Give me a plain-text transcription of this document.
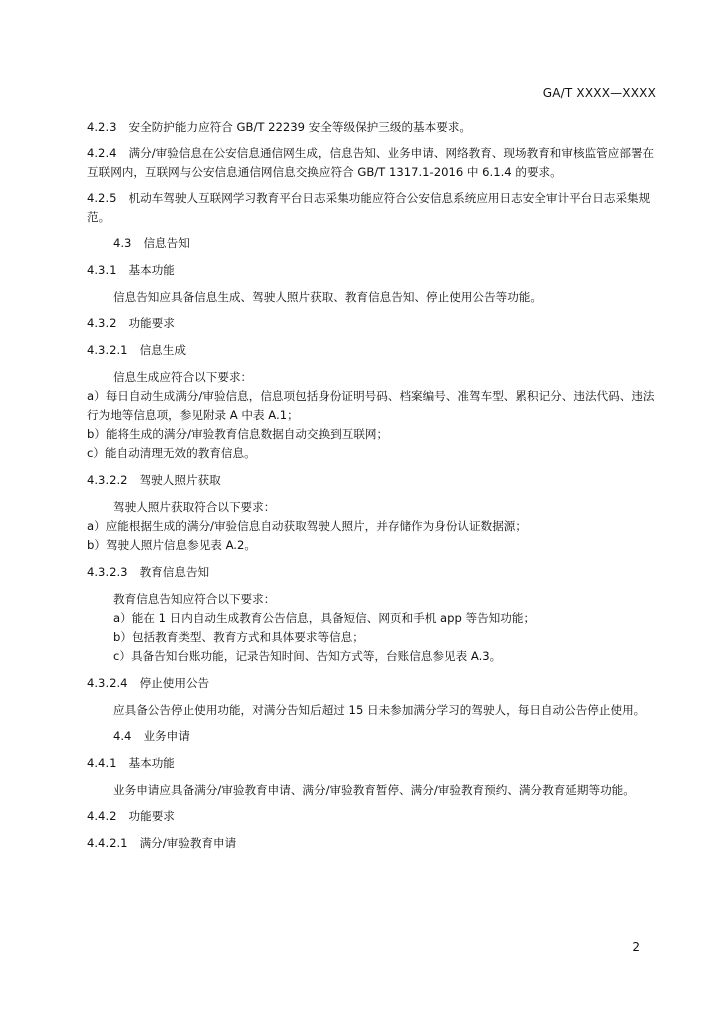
GA/T XXXX—XXXX

4.2.3 安全防护能力应符合 GB/T 22239 安全等级保护三级的基本要求。

4.2.4 满分/审验信息在公安信息通信网生成，信息告知、业务申请、网络教育、现场教育和审核监管应部署在互联网内，互联网与公安信息通信网信息交换应符合 GB/T 1317.1-2016 中 6.1.4 的要求。

4.2.5 机动车驾驶人互联网学习教育平台日志采集功能应符合公安信息系统应用日志安全审计平台日志采集规范。

4.3 信息告知

4.3.1 基本功能

信息告知应具备信息生成、驾驶人照片获取、教育信息告知、停止使用公告等功能。

4.3.2 功能要求

4.3.2.1 信息生成

信息生成应符合以下要求：

a）每日自动生成满分/审验信息，信息项包括身份证明号码、档案编号、准驾车型、累积记分、违法代码、违法行为地等信息项，参见附录 A 中表 A.1；

b）能将生成的满分/审验教育信息数据自动交换到互联网；

c）能自动清理无效的教育信息。

4.3.2.2 驾驶人照片获取

驾驶人照片获取符合以下要求：

a）应能根据生成的满分/审验信息自动获取驾驶人照片，并存储作为身份认证数据源；

b）驾驶人照片信息参见表 A.2。

4.3.2.3 教育信息告知

教育信息告知应符合以下要求：

a）能在 1 日内自动生成教育公告信息，具备短信、网页和手机 app 等告知功能；

b）包括教育类型、教育方式和具体要求等信息；

c）具备告知台账功能，记录告知时间、告知方式等，台账信息参见表 A.3。

4.3.2.4 停止使用公告

应具备公告停止使用功能，对满分告知后超过 15 日未参加满分学习的驾驶人，每日自动公告停止使用。

4.4 业务申请

4.4.1 基本功能

业务申请应具备满分/审验教育申请、满分/审验教育暂停、满分/审验教育预约、满分教育延期等功能。

4.4.2 功能要求

4.4.2.1 满分/审验教育申请

2
